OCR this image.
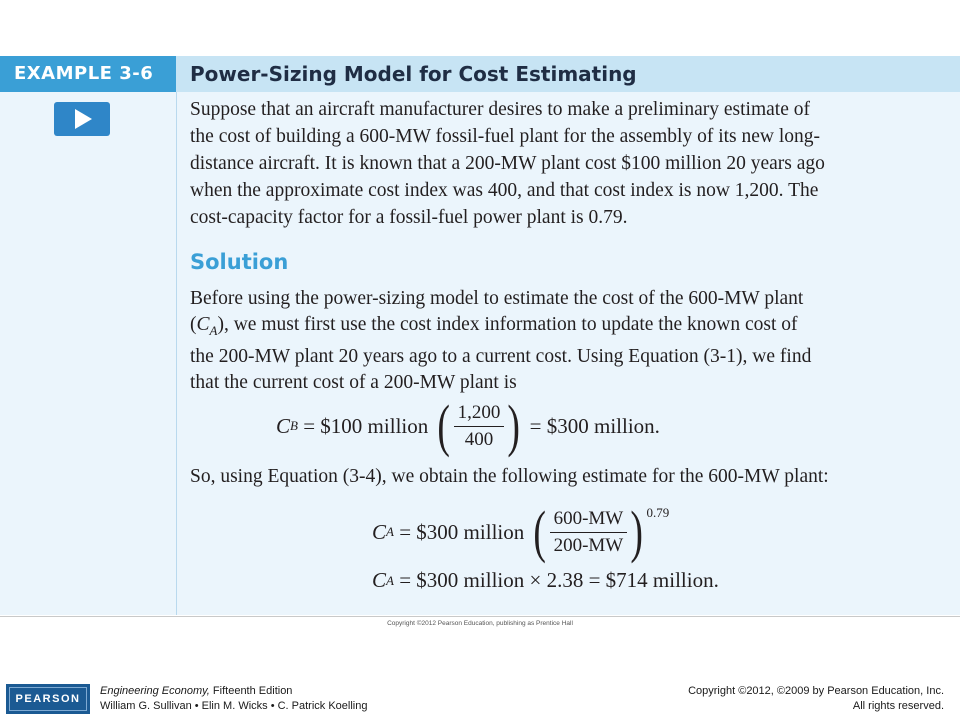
EXAMPLE 3-6	Power-Sizing Model for Cost Estimating

Suppose that an aircraft manufacturer desires to make a preliminary estimate of

the cost of building a 600-MW fossil-fuel plant for the assembly of its new long-

distance aircraft. It is known that a 200-MW plant cost $100 million 20 years ago

when the approximate cost index was 400, and that cost index is now 1,200. The

cost-capacity factor for a fossil-fuel power plant is 0.79.

Solution
Before using the power-sizing model to estimate the cost of the 600-MW plant
$(C_A)$, we must first use the cost index information to update the known cost of
the 200-MW plant 20 years ago to a current cost. Using Equation (3-1), we find
that the current cost of a 200-MW plant is
C B = $100 million ( $\frac{1,200}{400}$ ) = $300 million.
So, using Equation (3-4), we obtain the following estimate for the 600-MW plant:
C A = $300 million ( $\frac{600-MW}{200-MW}$ ) 0.79
C A = $300 million × 2.38 = $714 million.
Copyright ©2012 Pearson Education, publishing as Prentice Hall
PEARSON
Engineering Economy, Fifteenth Edition
William G. Sullivan • Elin M. Wicks • C. Patrick Koelling
Copyright ©2012, ©2009 by Pearson Education, Inc.
All rights reserved.
